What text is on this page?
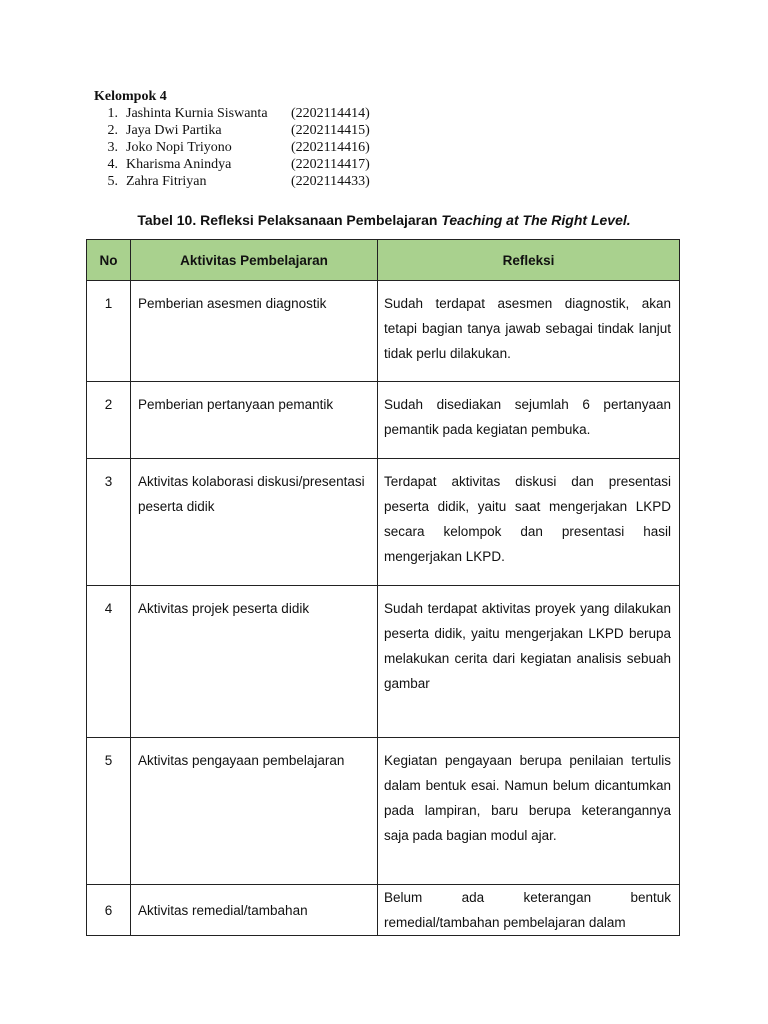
Kelompok 4
1. Jashinta Kurnia Siswanta	(2202114414)
2. Jaya Dwi Partika	(2202114415)
3. Joko Nopi Triyono	(2202114416)
4. Kharisma Anindya	(2202114417)
5. Zahra Fitriyan	(2202114433)
Tabel 10. Refleksi Pelaksanaan Pembelajaran Teaching at The Right Level.
No	Aktivitas Pembelajaran	Refleksi
1	Pemberian asesmen diagnostik	Sudah terdapat asesmen diagnostik, akan tetapi bagian tanya jawab sebagai tindak lanjut tidak perlu dilakukan.
2	Pemberian pertanyaan pemantik	Sudah disediakan sejumlah 6 pertanyaan pemantik pada kegiatan pembuka.
3	Aktivitas kolaborasi diskusi/presentasi peserta didik	Terdapat aktivitas diskusi dan presentasi peserta didik, yaitu saat mengerjakan LKPD secara kelompok dan presentasi hasil mengerjakan LKPD.
4	Aktivitas projek peserta didik	Sudah terdapat aktivitas proyek yang dilakukan peserta didik, yaitu mengerjakan LKPD berupa melakukan cerita dari kegiatan analisis sebuah gambar
5	Aktivitas pengayaan pembelajaran	Kegiatan pengayaan berupa penilaian tertulis dalam bentuk esai. Namun belum dicantumkan pada lampiran, baru berupa keterangannya saja pada bagian modul ajar.
6	Aktivitas remedial/tambahan	Belum ada keterangan bentuk remedial/tambahan pembelajaran dalam
